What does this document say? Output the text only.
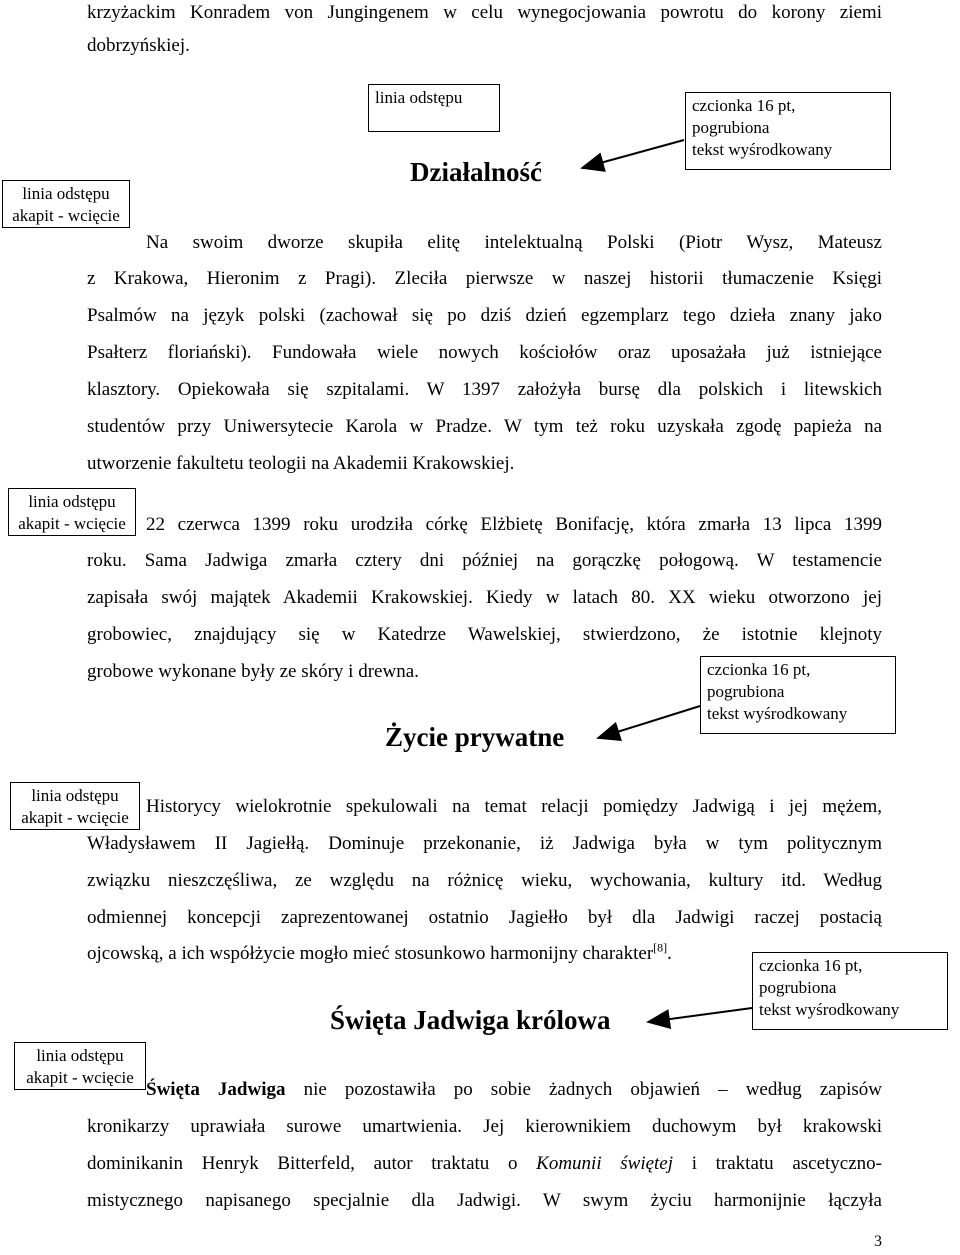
krzyżackim Konradem von Jungingenem w celu wynegocjowania powrotu do korony ziemi
dobrzyńskiej.
linia odstępu	czcionka 16 pt,
pogrubiona
tekst wyśrodkowany
Działalność
linia odstępu
akapit - wcięcie
Na swoim dworze skupiła elitę intelektualną Polski (Piotr Wysz, Mateusz
z Krakowa, Hieronim z Pragi). Zleciła pierwsze w naszej historii tłumaczenie Księgi
Psalmów na język polski (zachował się po dziś dzień egzemplarz tego dzieła znany jako
Psałterz floriański). Fundowała wiele nowych kościołów oraz uposażała już istniejące
klasztory. Opiekowała się szpitalami. W 1397 założyła bursę dla polskich i litewskich
studentów przy Uniwersytecie Karola w Pradze. W tym też roku uzyskała zgodę papieża na
utworzenie fakultetu teologii na Akademii Krakowskiej.
linia odstępu
akapit - wcięcie 22 czerwca 1399 roku urodziła córkę Elżbietę Bonifację, która zmarła 13 lipca 1399
roku. Sama Jadwiga zmarła cztery dni później na gorączkę połogową. W testamencie
zapisała swój majątek Akademii Krakowskiej. Kiedy w latach 80. XX wieku otworzono jej
grobowiec, znajdujący się w Katedrze Wawelskiej, stwierdzono, że istotnie klejnoty
grobowe wykonane były ze skóry i drewna.	czcionka 16 pt,
pogrubiona
tekst wyśrodkowany
Życie prywatne
linia odstępu
akapit - wcięcie
Historycy wielokrotnie spekulowali na temat relacji pomiędzy Jadwigą i jej mężem,
Władysławem II Jagiełłą. Dominuje przekonanie, iż Jadwiga była w tym politycznym
związku nieszczęśliwa, ze względu na różnicę wieku, wychowania, kultury itd. Według
odmiennej koncepcji zaprezentowanej ostatnio Jagiełło był dla Jadwigi raczej postacią
ojcowską, a ich współżycie mogło mieć stosunkowo harmonijny charakter[8].
czcionka 16 pt,
pogrubiona
tekst wyśrodkowany
Święta Jadwiga królowa
linia odstępu
akapit - wcięcie
Święta Jadwiga nie pozostawiła po sobie żadnych objawień – według zapisów
kronikarzy uprawiała surowe umartwienia. Jej kierownikiem duchowym był krakowski
dominikanin Henryk Bitterfeld, autor traktatu o Komunii świętej i traktatu ascetyczno-
mistycznego napisanego specjalnie dla Jadwigi. W swym życiu harmonijnie łączyła
3
